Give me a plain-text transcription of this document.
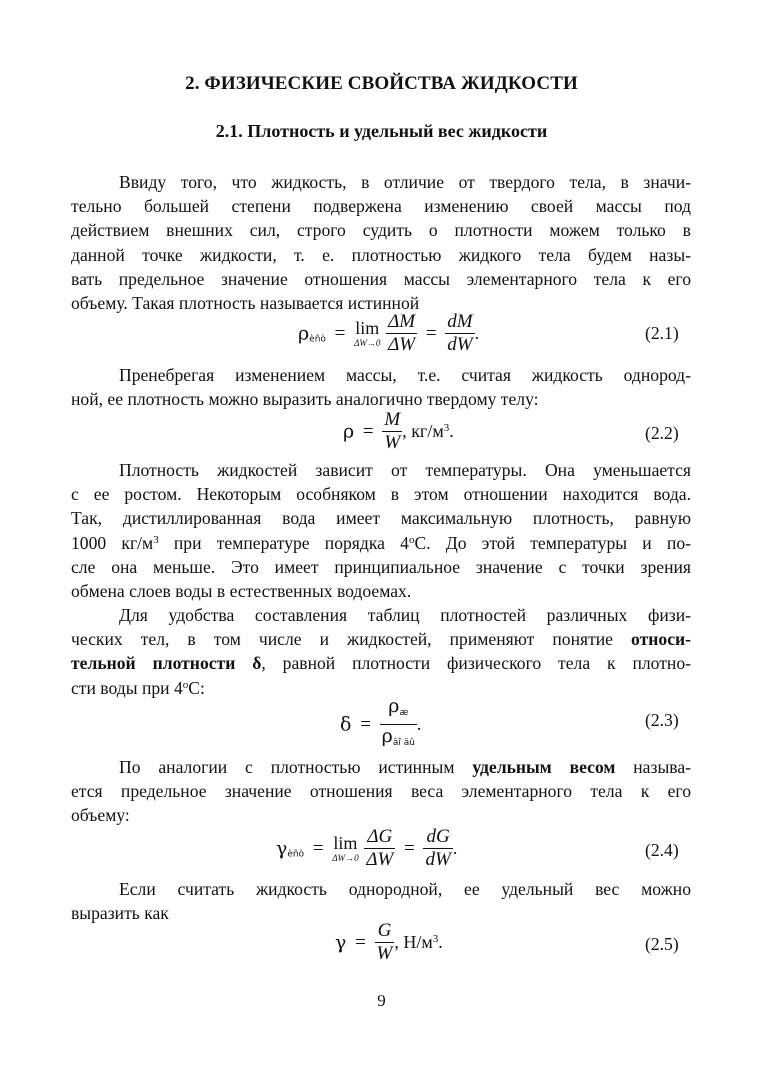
2. ФИЗИЧЕСКИЕ СВОЙСТВА ЖИДКОСТИ
2.1. Плотность и удельный вес жидкости
Ввиду того, что жидкость, в отличие от твердого тела, в значи-
тельно большей степени подвержена изменению своей массы под
действием внешних сил, строго судить о плотности можем только в
данной точке жидкости, т. е. плотностью жидкого тела будем назы-
вать предельное значение отношения массы элементарного тела к его
объему. Такая плотность называется истинной
$\rho_{èñò} = \lim$
ΔW→0
$\frac{\Delta M}{\Delta W} = \frac{dM}{dW}$ .	(2.1)
Пренебрегая изменением массы, т.е. считая жидкость однород-
ной, ее плотность можно выразить аналогично твердому телу:
$\rho = \frac{M}{W}$ , $кг/м^3$.	(2.2)
Плотность жидкостей зависит от температуры. Она уменьшается
с ее ростом. Некоторым особняком в этом отношении находится вода.
Так, дистиллированная вода имеет максимальную плотность, равную
1000 $кг/м^3$ при температуре порядка $4^оС$. До этой температуры и по-
сле она меньше. Это имеет принципиальное значение с точки зрения
обмена слоев воды в естественных водоемах.
Для удобства составления таблиц плотностей различных физи-
ческих тел, в том числе и жидкостей, применяют понятие относи-
тельной плотности δ, равной плотности физического тела к плотно-
сти воды при $4^оС$:
$\delta = \frac{\rho_æ}{\rho_{âî äû}}$ .	(2.3)
По аналогии с плотностью истинным удельным весом называ-
ется предельное значение отношения веса элементарного тела к его
объему:
$\gamma_{èñò} = \lim$
ΔW→0
$\frac{\Delta G}{\Delta W} = \frac{dG}{dW}$ .	(2.4)
Если считать жидкость однородной, ее удельный вес можно
выразить как
$\gamma = \frac{G}{W}$ , $Н/м^3$.	(2.5)
9
